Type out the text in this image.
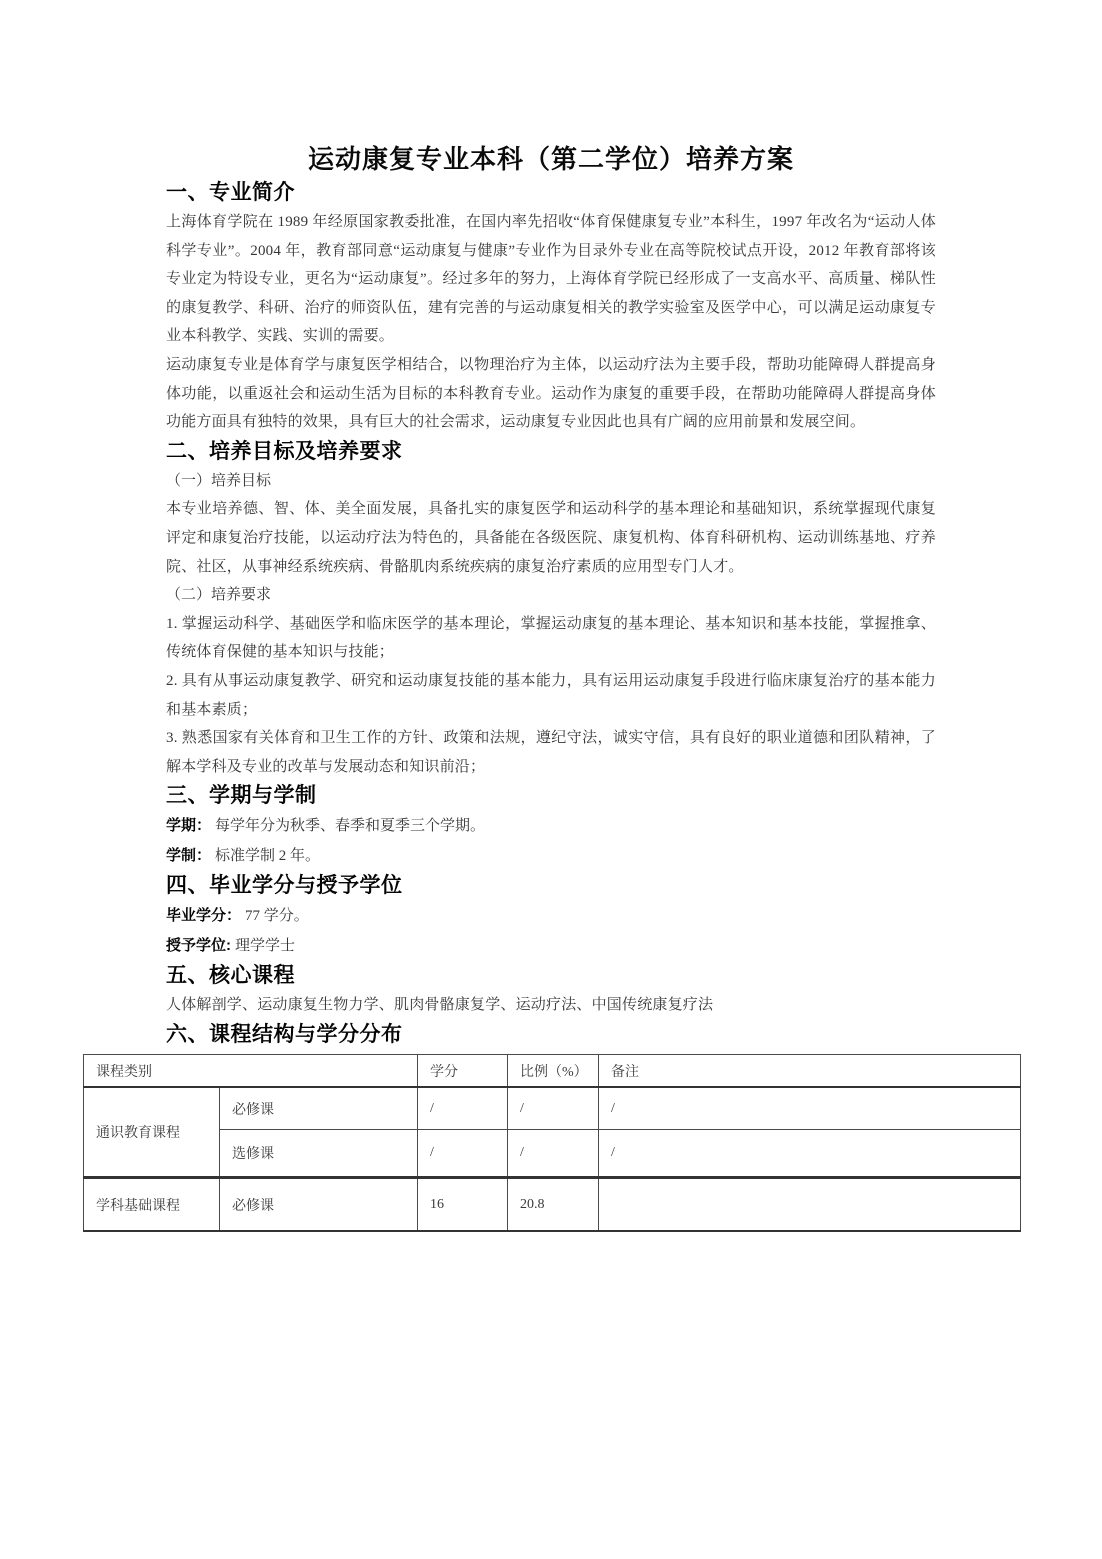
运动康复专业本科（第二学位）培养方案
一、专业简介

上海体育学院在 1989 年经原国家教委批准，在国内率先招收“体育保健康复专业”本科生，1997 年改名为“运动人体科学专业”。2004 年，教育部同意“运动康复与健康”专业作为目录外专业在高等院校试点开设，2012 年教育部将该专业定为特设专业，更名为“运动康复”。经过多年的努力，上海体育学院已经形成了一支高水平、高质量、梯队性的康复教学、科研、治疗的师资队伍，建有完善的与运动康复相关的教学实验室及医学中心，可以满足运动康复专业本科教学、实践、实训的需要。

运动康复专业是体育学与康复医学相结合，以物理治疗为主体，以运动疗法为主要手段，帮助功能障碍人群提高身体功能，以重返社会和运动生活为目标的本科教育专业。运动作为康复的重要手段，在帮助功能障碍人群提高身体功能方面具有独特的效果，具有巨大的社会需求，运动康复专业因此也具有广阔的应用前景和发展空间。

二、培养目标及培养要求

（一）培养目标

本专业培养德、智、体、美全面发展，具备扎实的康复医学和运动科学的基本理论和基础知识，系统掌握现代康复评定和康复治疗技能，以运动疗法为特色的，具备能在各级医院、康复机构、体育科研机构、运动训练基地、疗养院、社区，从事神经系统疾病、骨骼肌肉系统疾病的康复治疗素质的应用型专门人才。

（二）培养要求

1. 掌握运动科学、基础医学和临床医学的基本理论，掌握运动康复的基本理论、基本知识和基本技能，掌握推拿、传统体育保健的基本知识与技能；

2. 具有从事运动康复教学、研究和运动康复技能的基本能力，具有运用运动康复手段进行临床康复治疗的基本能力和基本素质；

3. 熟悉国家有关体育和卫生工作的方针、政策和法规，遵纪守法，诚实守信，具有良好的职业道德和团队精神，了解本学科及专业的改革与发展动态和知识前沿；

三、学期与学制

学期： 每学年分为秋季、春季和夏季三个学期。

学制： 标准学制 2 年。

四、毕业学分与授予学位

毕业学分： 77 学分。

授予学位: 理学学士

五、核心课程

人体解剖学、运动康复生物力学、肌肉骨骼康复学、运动疗法、中国传统康复疗法

六、课程结构与学分分布
课程类别		学分	比例（%）	备注
通识教育课程	必修课	/	/	/
	选修课	/	/	/
学科基础课程	必修课	16	20.8	
